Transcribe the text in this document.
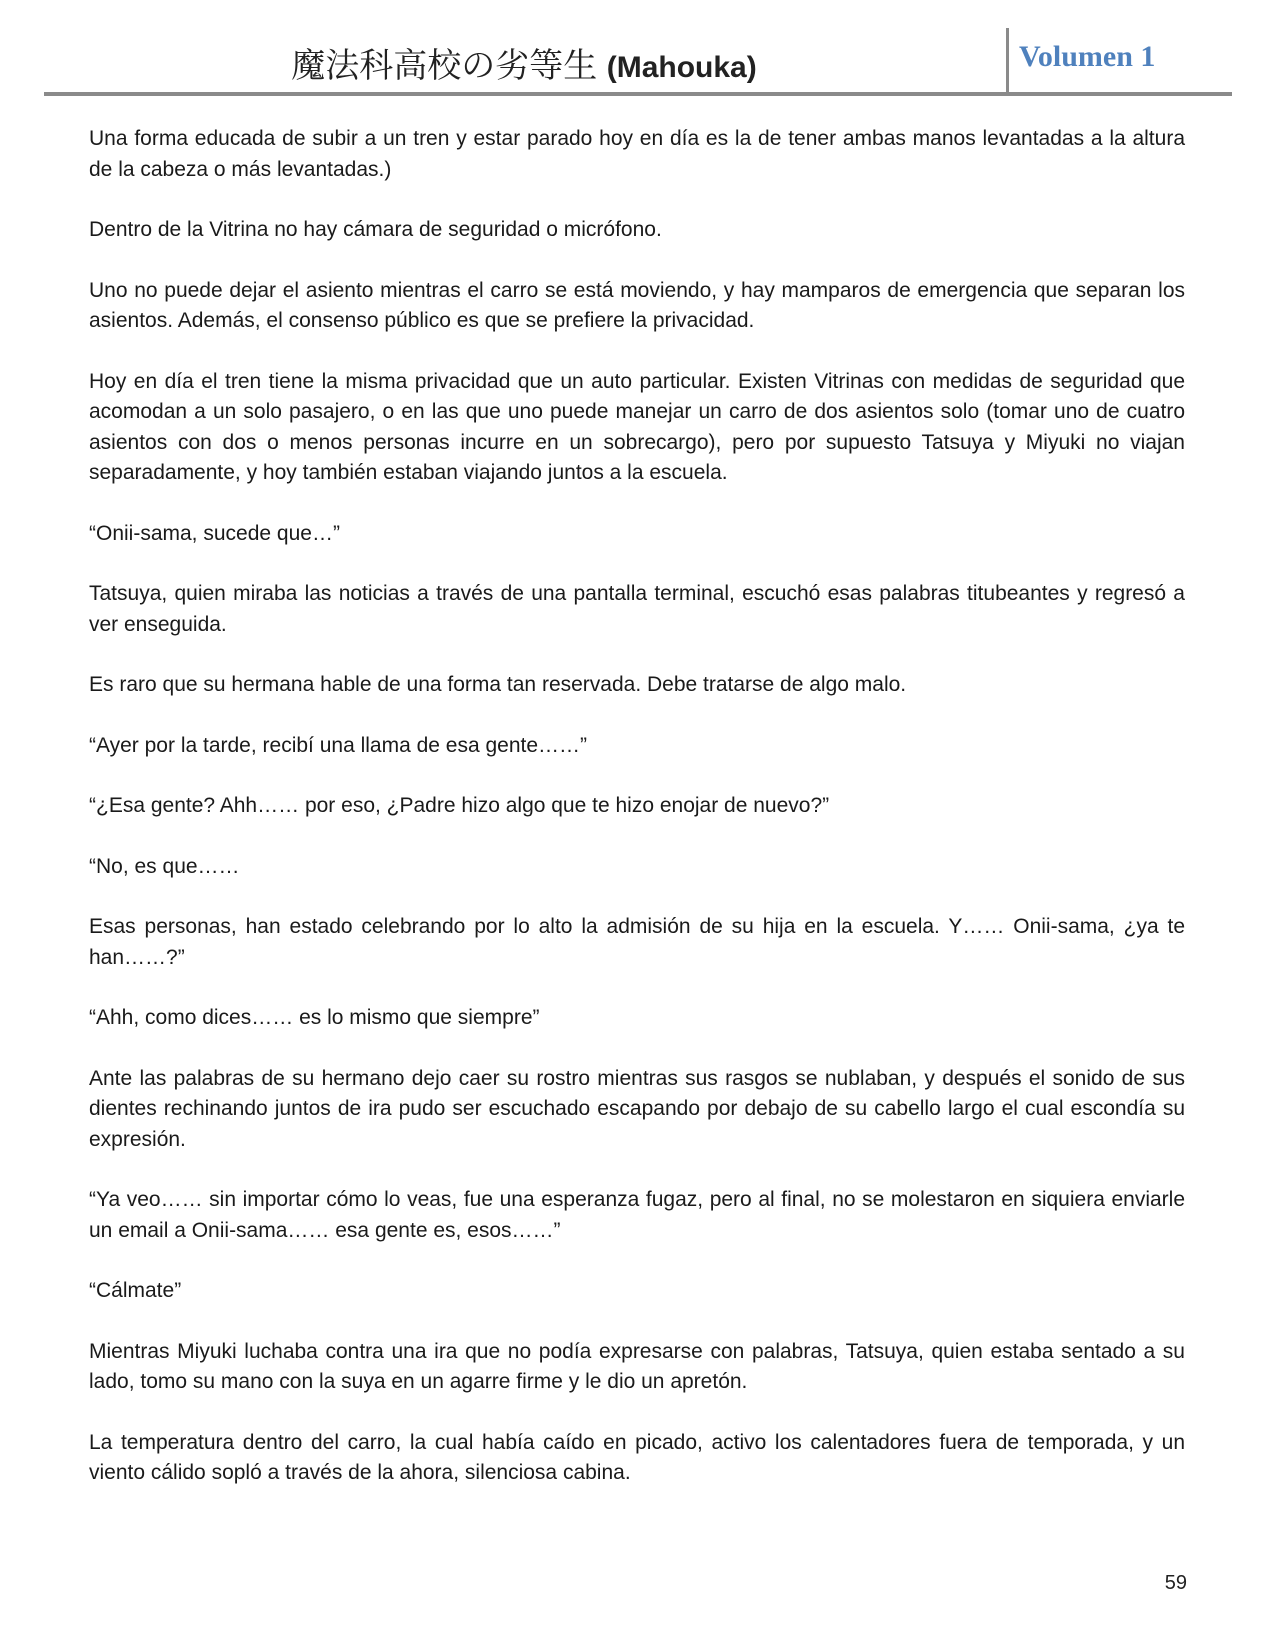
魔法科高校の劣等生 (Mahouka)	Volumen 1

Una forma educada de subir a un tren y estar parado hoy en día es la de tener ambas manos levantadas a la altura de la cabeza o más levantadas.)

Dentro de la Vitrina no hay cámara de seguridad o micrófono.

Uno no puede dejar el asiento mientras el carro se está moviendo, y hay mamparos de emergencia que separan los asientos. Además, el consenso público es que se prefiere la privacidad.

Hoy en día el tren tiene la misma privacidad que un auto particular. Existen Vitrinas con medidas de seguridad que acomodan a un solo pasajero, o en las que uno puede manejar un carro de dos asientos solo (tomar uno de cuatro asientos con dos o menos personas incurre en un sobrecargo), pero por supuesto Tatsuya y Miyuki no viajan separadamente, y hoy también estaban viajando juntos a la escuela.

“Onii-sama, sucede que…”

Tatsuya, quien miraba las noticias a través de una pantalla terminal, escuchó esas palabras titubeantes y regresó a ver enseguida.

Es raro que su hermana hable de una forma tan reservada. Debe tratarse de algo malo.

“Ayer por la tarde, recibí una llama de esa gente……”

“¿Esa gente? Ahh…… por eso, ¿Padre hizo algo que te hizo enojar de nuevo?”

“No, es que……

Esas personas, han estado celebrando por lo alto la admisión de su hija en la escuela. Y…… Onii-sama, ¿ya te han……?”

“Ahh, como dices…… es lo mismo que siempre”

Ante las palabras de su hermano dejo caer su rostro mientras sus rasgos se nublaban, y después el sonido de sus dientes rechinando juntos de ira pudo ser escuchado escapando por debajo de su cabello largo el cual escondía su expresión.

“Ya veo…… sin importar cómo lo veas, fue una esperanza fugaz, pero al final, no se molestaron en siquiera enviarle un email a Onii-sama…… esa gente es, esos……”

“Cálmate”

Mientras Miyuki luchaba contra una ira que no podía expresarse con palabras, Tatsuya, quien estaba sentado a su lado, tomo su mano con la suya en un agarre firme y le dio un apretón.

La temperatura dentro del carro, la cual había caído en picado, activo los calentadores fuera de temporada, y un viento cálido sopló a través de la ahora, silenciosa cabina.

59
